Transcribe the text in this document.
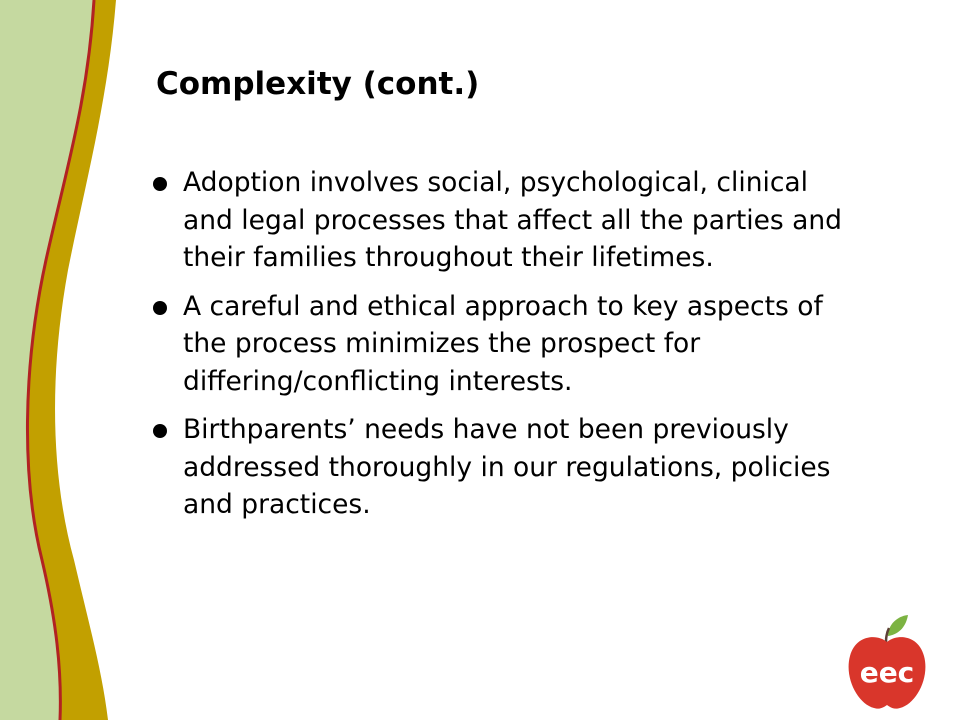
Complexity (cont.)
Adoption involves social, psychological, clinical and legal processes that affect all the parties and their families throughout their lifetimes.
A careful and ethical approach to key aspects of the process minimizes the prospect for differing/conflicting interests.
Birthparents’ needs have not been previously addressed thoroughly in our regulations, policies and practices.
eec
